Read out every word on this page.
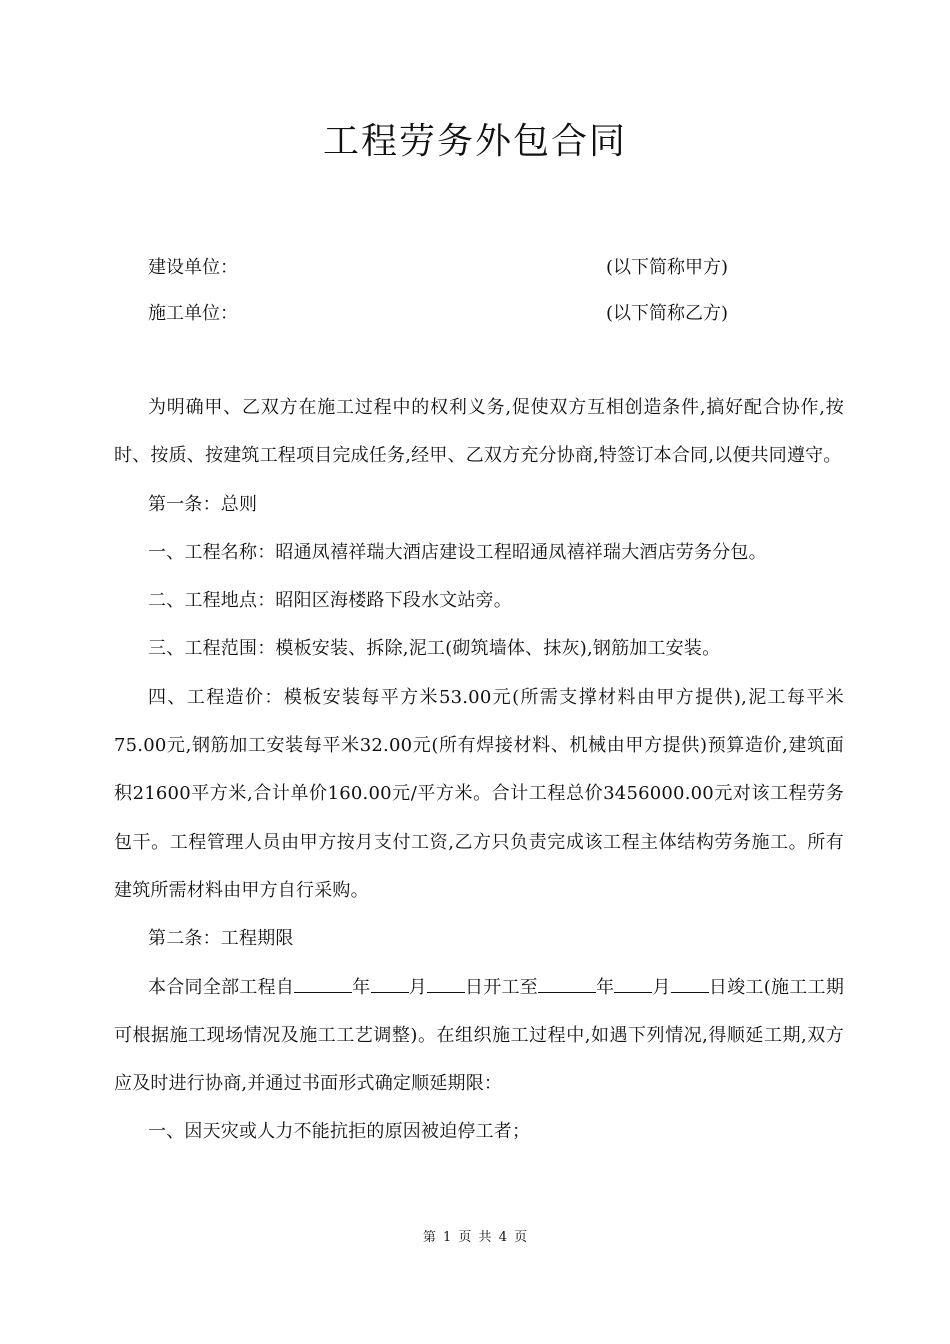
工程劳务外包合同
建设单位：	(以下简称甲方)
施工单位：	(以下简称乙方)

为明确甲、乙双方在施工过程中的权利义务,促使双方互相创造条件,搞好配合协作,按时、按质、按建筑工程项目完成任务,经甲、乙双方充分协商,特签订本合同,以便共同遵守。

第一条：总则

一、工程名称：昭通凤禧祥瑞大酒店建设工程昭通凤禧祥瑞大酒店劳务分包。

二、工程地点：昭阳区海楼路下段水文站旁。

三、工程范围：模板安装、拆除,泥工(砌筑墙体、抹灰),钢筋加工安装。

四、工程造价：模板安装每平方米53.00元(所需支撑材料由甲方提供),泥工每平米75.00元,钢筋加工安装每平米32.00元(所有焊接材料、机械由甲方提供)预算造价,建筑面积21600平方米,合计单价160.00元/平方米。合计工程总价3456000.00元对该工程劳务包干。工程管理人员由甲方按月支付工资,乙方只负责完成该工程主体结构劳务施工。所有建筑所需材料由甲方自行采购。

第二条：工程期限

本合同全部工程自	年 月 日开工至	年 月 日竣工(施工工期可根据施工现场情况及施工工艺调整)。在组织施工过程中,如遇下列情况,得顺延工期,双方应及时进行协商,并通过书面形式确定顺延期限：

一、因天灾或人力不能抗拒的原因被迫停工者；

第 1 页 共 4 页
